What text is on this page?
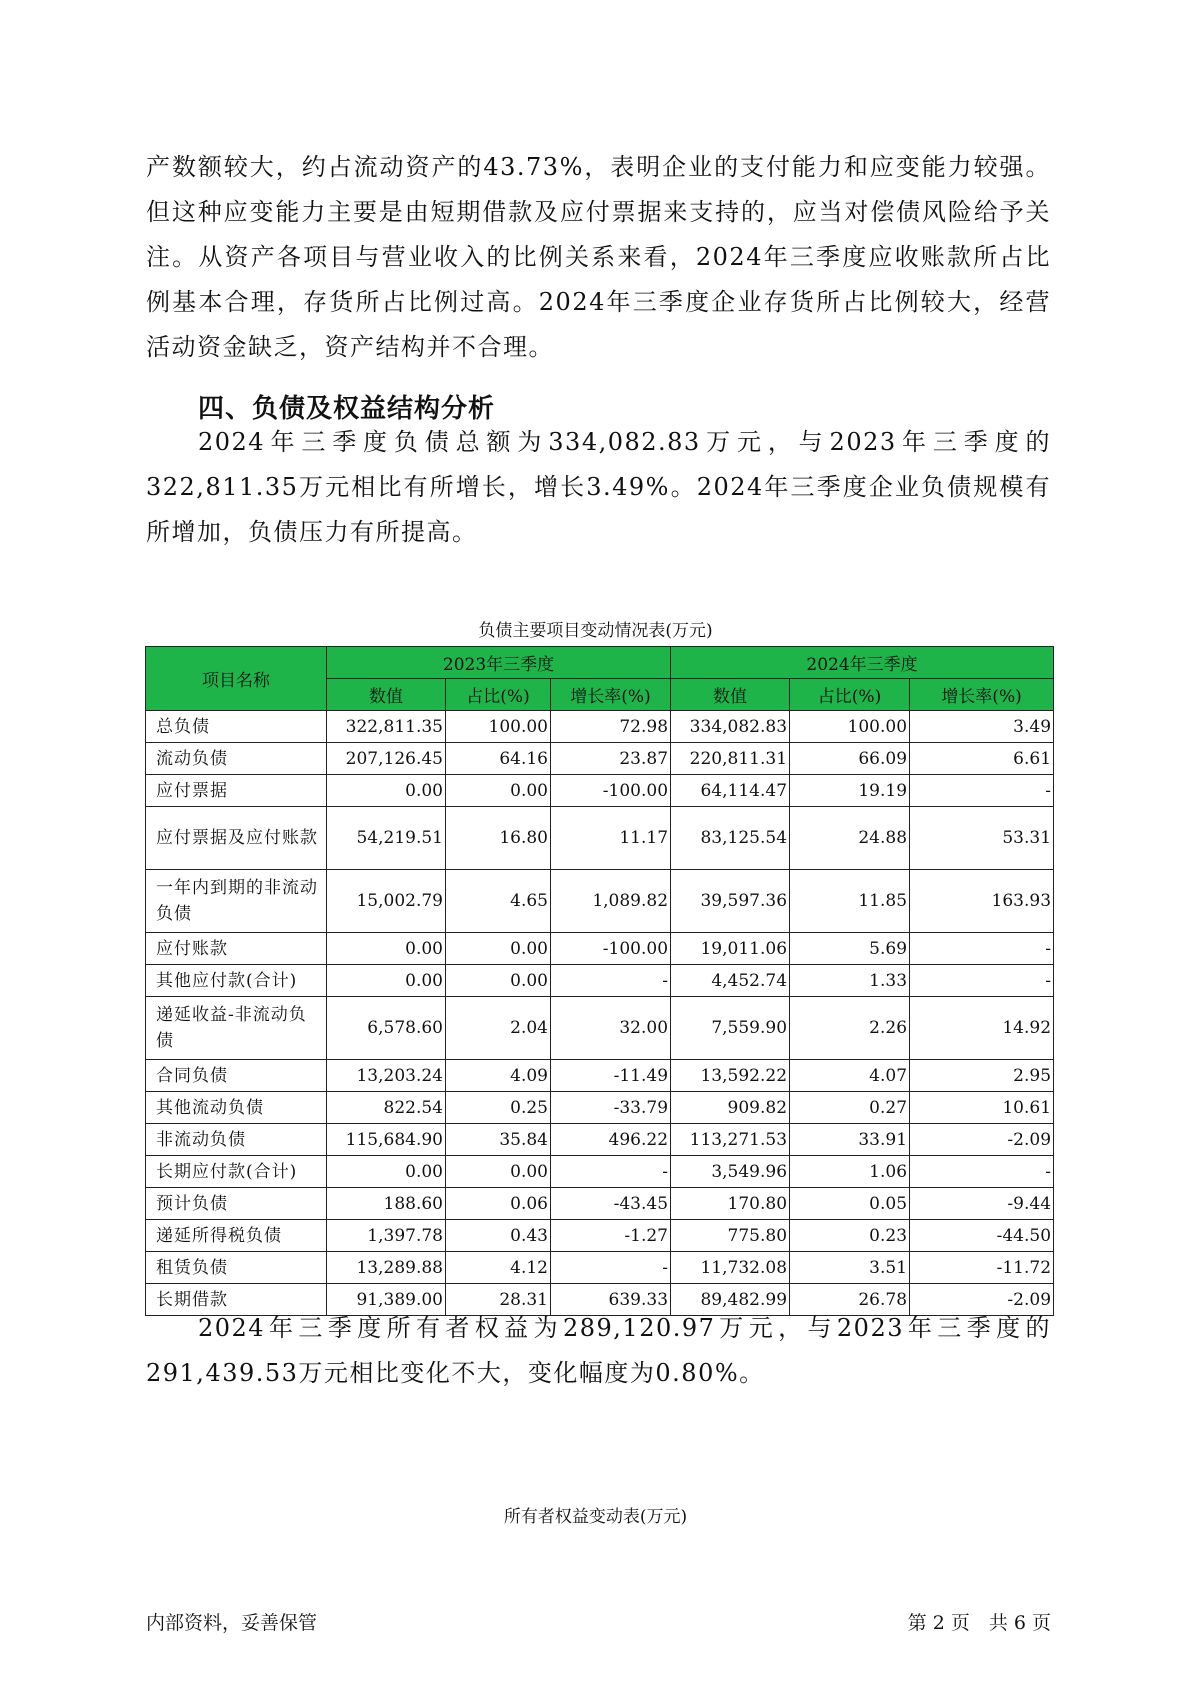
产数额较大，约占流动资产的43.73%，表明企业的支付能力和应变能力较强。但这种应变能力主要是由短期借款及应付票据来支持的，应当对偿债风险给予关注。从资产各项目与营业收入的比例关系来看，2024年三季度应收账款所占比例基本合理，存货所占比例过高。2024年三季度企业存货所占比例较大，经营活动资金缺乏，资产结构并不合理。

四、负债及权益结构分析

2024年三季度负债总额为334,082.83万元，与2023年三季度的322,811.35万元相比有所增长，增长3.49%。2024年三季度企业负债规模有所增加，负债压力有所提高。

负债主要项目变动情况表(万元)

项目名称	2023年三季度			2024年三季度		
	数值	占比(%)	增长率(%)	数值	占比(%)	增长率(%)
总负债	322,811.35	100.00	72.98	334,082.83	100.00	3.49
流动负债	207,126.45	64.16	23.87	220,811.31	66.09	6.61
应付票据	0.00	0.00	-100.00	64,114.47	19.19	-
应付票据及应付账款	54,219.51	16.80	11.17	83,125.54	24.88	53.31
一年内到期的非流动负债	15,002.79	4.65	1,089.82	39,597.36	11.85	163.93
应付账款	0.00	0.00	-100.00	19,011.06	5.69	-
其他应付款(合计)	0.00	0.00	-	4,452.74	1.33	-
递延收益-非流动负债	6,578.60	2.04	32.00	7,559.90	2.26	14.92
合同负债	13,203.24	4.09	-11.49	13,592.22	4.07	2.95
其他流动负债	822.54	0.25	-33.79	909.82	0.27	10.61
非流动负债	115,684.90	35.84	496.22	113,271.53	33.91	-2.09
长期应付款(合计)	0.00	0.00	-	3,549.96	1.06	-
预计负债	188.60	0.06	-43.45	170.80	0.05	-9.44
递延所得税负债	1,397.78	0.43	-1.27	775.80	0.23	-44.50
租赁负债	13,289.88	4.12	-	11,732.08	3.51	-11.72
长期借款	91,389.00	28.31	639.33	89,482.99	26.78	-2.09

2024年三季度所有者权益为289,120.97万元，与2023年三季度的291,439.53万元相比变化不大，变化幅度为0.80%。

所有者权益变动表(万元)

内部资料，妥善保管	第 2 页　共 6 页
